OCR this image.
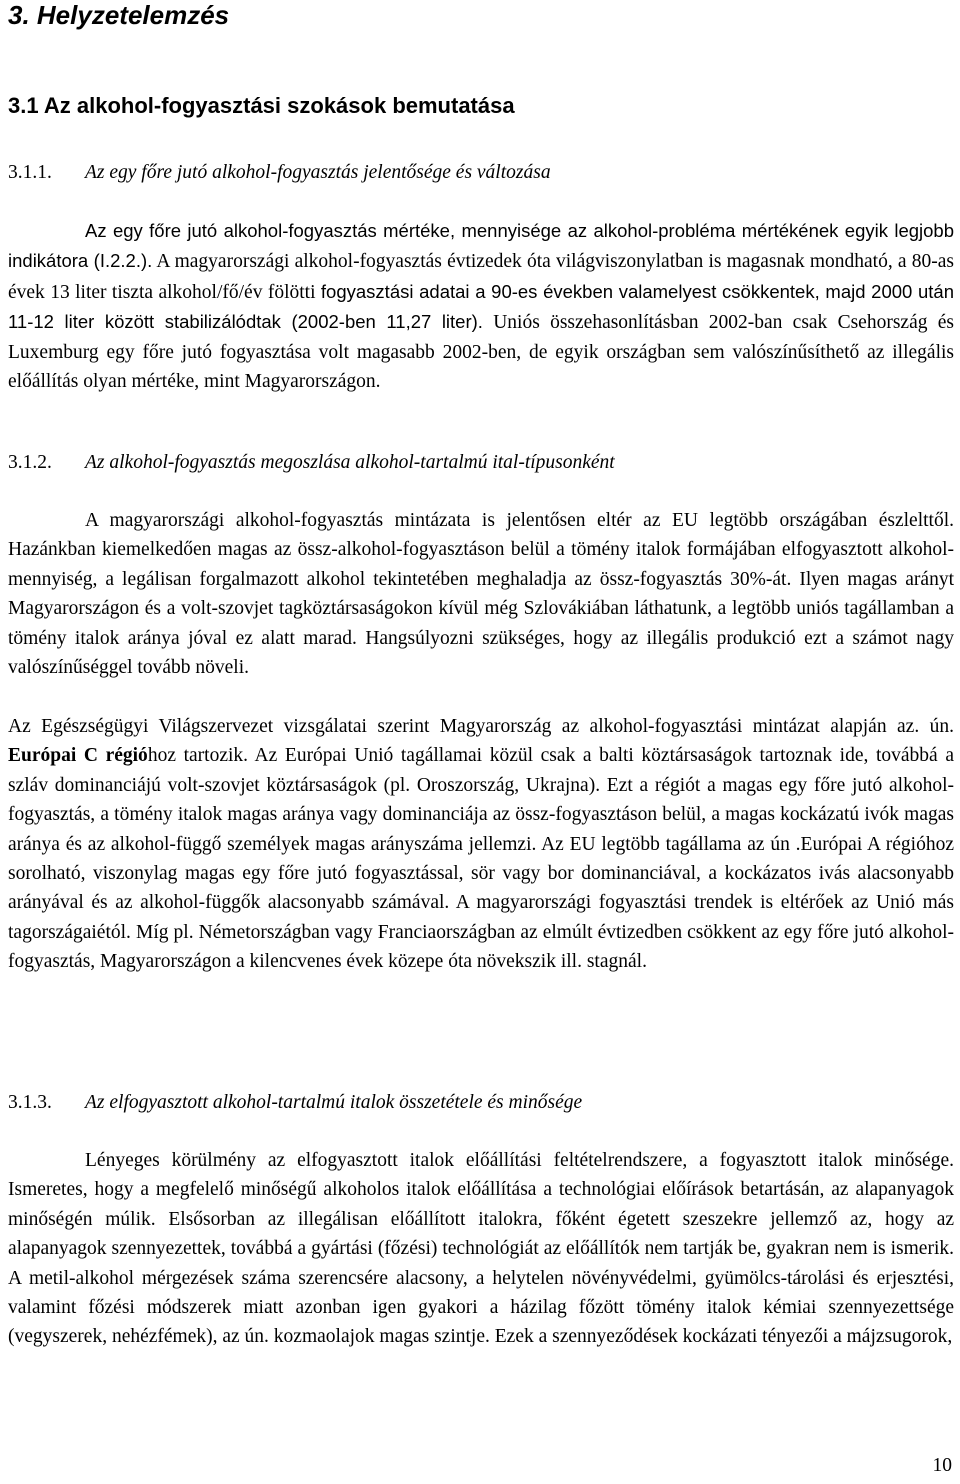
3. Helyzetelemzés
3.1 Az alkohol-fogyasztási szokások bemutatása
3.1.1. Az egy főre jutó alkohol-fogyasztás jelentősége és változása

Az egy főre jutó alkohol-fogyasztás mértéke, mennyisége az alkohol-probléma mértékének egyik legjobb indikátora (I.2.2.). A magyarországi alkohol-fogyasztás évtizedek óta világviszonylatban is magasnak mondható, a 80-as évek 13 liter tiszta alkohol/fő/év fölötti fogyasztási adatai a 90-es években valamelyest csökkentek, majd 2000 után 11-12 liter között stabilizálódtak (2002-ben 11,27 liter). Uniós összehasonlításban 2002-ban csak Csehország és Luxemburg egy főre jutó fogyasztása volt magasabb 2002-ben, de egyik országban sem valószínűsíthető az illegális előállítás olyan mértéke, mint Magyarországon.

3.1.2. Az alkohol-fogyasztás megoszlása alkohol-tartalmú ital-típusonként

A magyarországi alkohol-fogyasztás mintázata is jelentősen eltér az EU legtöbb országában észlelttől. Hazánkban kiemelkedően magas az össz-alkohol-fogyasztáson belül a tömény italok formájában elfogyasztott alkohol-mennyiség, a legálisan forgalmazott alkohol tekintetében meghaladja az össz-fogyasztás 30%-át. Ilyen magas arányt Magyarországon és a volt-szovjet tagköztársaságokon kívül még Szlovákiában láthatunk, a legtöbb uniós tagállamban a tömény italok aránya jóval ez alatt marad. Hangsúlyozni szükséges, hogy az illegális produkció ezt a számot nagy valószínűséggel tovább növeli.

Az Egészségügyi Világszervezet vizsgálatai szerint Magyarország az alkohol-fogyasztási mintázat alapján az. ún. Európai C régióhoz tartozik. Az Európai Unió tagállamai közül csak a balti köztársaságok tartoznak ide, továbbá a szláv dominanciájú volt-szovjet köztársaságok (pl. Oroszország, Ukrajna). Ezt a régiót a magas egy főre jutó alkohol-fogyasztás, a tömény italok magas aránya vagy dominanciája az össz-fogyasztáson belül, a magas kockázatú ivók magas aránya és az alkohol-függő személyek magas arányszáma jellemzi. Az EU legtöbb tagállama az ún .Európai A régióhoz sorolható, viszonylag magas egy főre jutó fogyasztással, sör vagy bor dominanciával, a kockázatos ivás alacsonyabb arányával és az alkohol-függők alacsonyabb számával. A magyarországi fogyasztási trendek is eltérőek az Unió más tagországaiétól. Míg pl. Németországban vagy Franciaországban az elmúlt évtizedben csökkent az egy főre jutó alkohol-fogyasztás, Magyarországon a kilencvenes évek közepe óta növekszik ill. stagnál.

3.1.3. Az elfogyasztott alkohol-tartalmú italok összetétele és minősége

Lényeges körülmény az elfogyasztott italok előállítási feltételrendszere, a fogyasztott italok minősége. Ismeretes, hogy a megfelelő minőségű alkoholos italok előállítása a technológiai előírások betartásán, az alapanyagok minőségén múlik. Elsősorban az illegálisan előállított italokra, főként égetett szeszekre jellemző az, hogy az alapanyagok szennyezettek, továbbá a gyártási (főzési) technológiát az előállítók nem tartják be, gyakran nem is ismerik. A metil-alkohol mérgezések száma szerencsére alacsony, a helytelen növényvédelmi, gyümölcs-tárolási és erjesztési, valamint főzési módszerek miatt azonban igen gyakori a házilag főzött tömény italok kémiai szennyezettsége (vegyszerek, nehézfémek), az ún. kozmaolajok magas szintje. Ezek a szennyeződések kockázati tényezői a májzsugorok,

10
